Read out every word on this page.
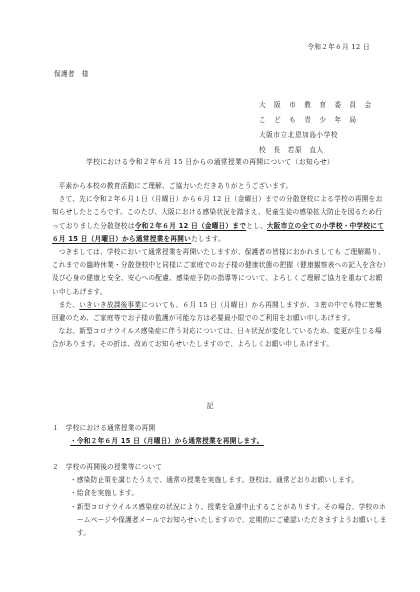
令和２年６月 12 日
保護者　様
大 阪 市 教 育 委 員 会
こ ど も 青 少 年 局
大阪市立北恩加島小学校
校　長　若原　直人
学校における令和２年６月 15 日からの通常授業の再開について（お知らせ）

平素から本校の教育活動にご理解、ご協力いただきありがとうございます。

さて、先に令和２年６月１日（月曜日）から６月 12 日（金曜日）までの分散登校による学校の再開をお知らせしたところです。このたび、大阪における感染状況を踏まえ、児童生徒の感染拡大防止を図るため行っておりました分散登校は令和２年６月 12 日（金曜日）までとし、大阪市立の全ての小学校・中学校にて６月 15 日（月曜日）から通常授業を再開いたします。

つきましては、学校において通常授業を再開いたしますが、保護者の皆様におかれましても ご理解賜り、これまでの臨時休業・分散登校中と同様にご家庭でのお子様の健康状態の把握（健康観察表への記入を含む）及び心身の健康と安全、安心への配慮、感染症予防の指導等について、よろしくご理解ご協力を重ねてお願い申しあげます。

また、いきいき放課後事業についても、６月 15 日（月曜日）から再開しますが、３密の中でも特に密集回避のため、ご家庭等でお子様の監護が可能な方は必要最小限でのご利用をお願い申しあげます。

なお、新型コロナウイルス感染症に伴う対応については、日々状況が変化しているため、変更が生じる場合があります。その折は、改めてお知らせいたしますので、よろしくお願い申しあげます。

記

１　学校における通常授業の再開

・令和２年６月 15 日（月曜日）から通常授業を再開します。

２　学校の再開後の授業等について

・感染防止策を講じたうえで、通常の授業を実施します。登校は、通常どおりお願いします。
・給食を実施します。
・新型コロナウイルス感染症の状況により、授業を急遽中止することがあります。その場合、学校のホームページや保護者メールでお知らせいたしますので、定期的にご確認いただきますようお願いします。
